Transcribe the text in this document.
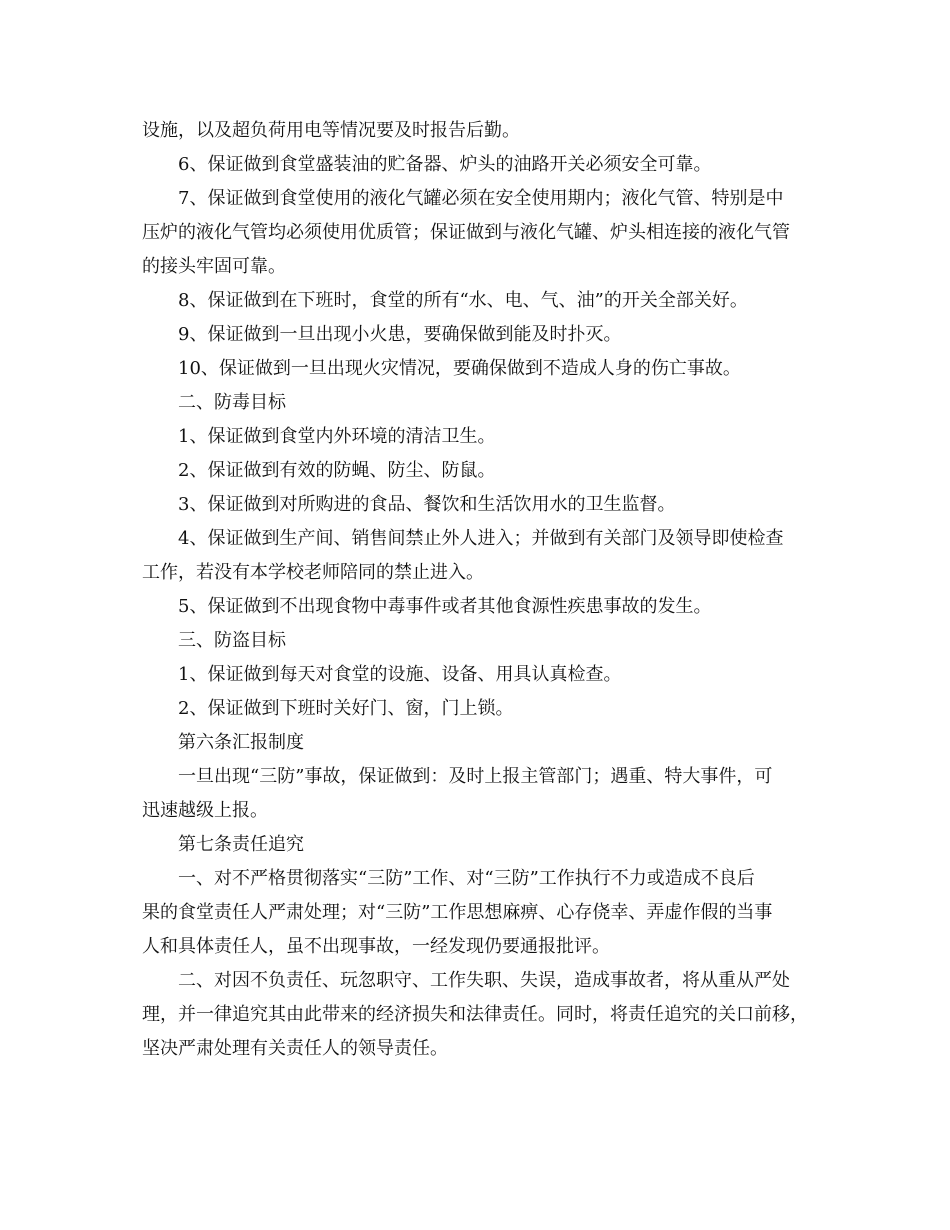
设施，以及超负荷用电等情况要及时报告后勤。
6、保证做到食堂盛装油的贮备器、炉头的油路开关必须安全可靠。
7、保证做到食堂使用的液化气罐必须在安全使用期内；液化气管、特别是中
压炉的液化气管均必须使用优质管；保证做到与液化气罐、炉头相连接的液化气管
的接头牢固可靠。
8、保证做到在下班时，食堂的所有“水、电、气、油”的开关全部关好。
9、保证做到一旦出现小火患，要确保做到能及时扑灭。
10、保证做到一旦出现火灾情况，要确保做到不造成人身的伤亡事故。
二、防毒目标
1、保证做到食堂内外环境的清洁卫生。
2、保证做到有效的防蝇、防尘、防鼠。
3、保证做到对所购进的食品、餐饮和生活饮用水的卫生监督。
4、保证做到生产间、销售间禁止外人进入；并做到有关部门及领导即使检查
工作，若没有本学校老师陪同的禁止进入。
5、保证做到不出现食物中毒事件或者其他食源性疾患事故的发生。
三、防盗目标
1、保证做到每天对食堂的设施、设备、用具认真检查。
2、保证做到下班时关好门、窗，门上锁。
第六条汇报制度
一旦出现“三防”事故，保证做到：及时上报主管部门；遇重、特大事件，可
迅速越级上报。
第七条责任追究
一、对不严格贯彻落实“三防”工作、对“三防”工作执行不力或造成不良后
果的食堂责任人严肃处理；对“三防”工作思想麻痹、心存侥幸、弄虚作假的当事
人和具体责任人，虽不出现事故，一经发现仍要通报批评。
二、对因不负责任、玩忽职守、工作失职、失误，造成事故者，将从重从严处
理，并一律追究其由此带来的经济损失和法律责任。同时，将责任追究的关口前移，
坚决严肃处理有关责任人的领导责任。
